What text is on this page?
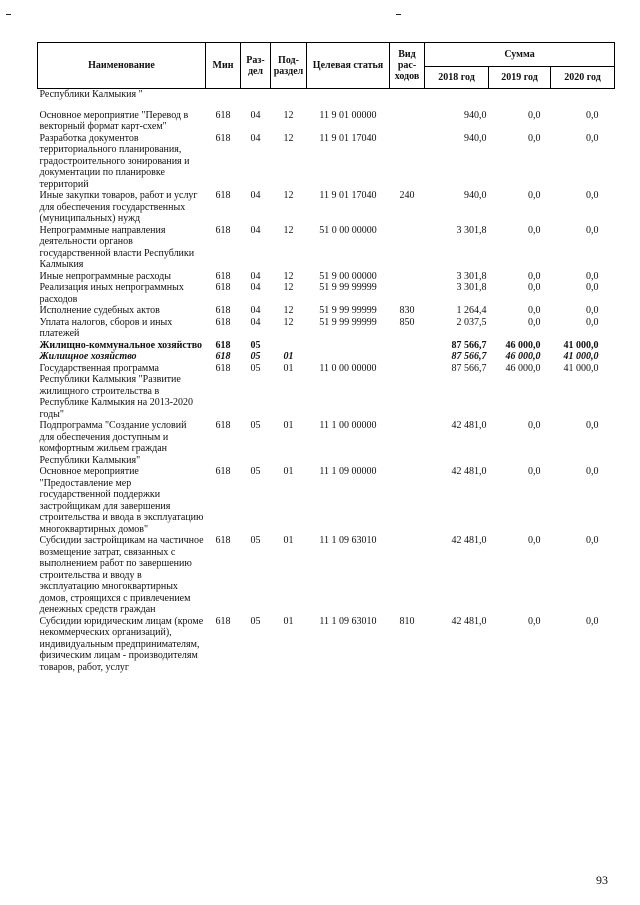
Наименование	Мин	Раз-дел	Под-раздел	Целевая статья	Вид рас-ходов	Сумма		
						2018 год	2019 год	2020 год
Республики Калмыкия "								

Основное мероприятие "Перевод в векторный формат карт-схем"	618	04	12	11 9 01 00000		940,0	0,0	0,0
Разработка документов территориального планирования, градостроительного зонирования и документации по планировке территорий	618	04	12	11 9 01 17040		940,0	0,0	0,0
Иные закупки товаров, работ и услуг для обеспечения государственных (муниципальных) нужд	618	04	12	11 9 01 17040	240	940,0	0,0	0,0
Непрограммные направления деятельности органов государственной власти Республики Калмыкия	618	04	12	51 0 00 00000		3 301,8	0,0	0,0
Иные непрограммные расходы	618	04	12	51 9 00 00000		3 301,8	0,0	0,0
Реализация иных непрограммных расходов	618	04	12	51 9 99 99999		3 301,8	0,0	0,0
Исполнение судебных актов	618	04	12	51 9 99 99999	830	1 264,4	0,0	0,0
Уплата налогов, сборов и иных платежей	618	04	12	51 9 99 99999	850	2 037,5	0,0	0,0
Жилищно-коммунальное хозяйство	618	05				87 566,7	46 000,0	41 000,0
Жилищное хозяйство	618	05	01			87 566,7	46 000,0	41 000,0
Государственная программа Республики Калмыкия "Развитие жилищного строительства в Республике Калмыкия на 2013-2020 годы"	618	05	01	11 0 00 00000		87 566,7	46 000,0	41 000,0
Подпрограмма "Создание условий для обеспечения доступным и комфортным жильем граждан Республики Калмыкия"	618	05	01	11 1 00 00000		42 481,0	0,0	0,0
Основное мероприятие "Предоставление мер государственной поддержки застройщикам для завершения строительства и ввода в эксплуатацию многоквартирных домов"	618	05	01	11 1 09 00000		42 481,0	0,0	0,0
Субсидии застройщикам на частичное возмещение затрат, связанных с выполнением работ по завершению строительства и вводу в эксплуатацию многоквартирных домов, строящихся с привлечением денежных средств граждан	618	05	01	11 1 09 63010		42 481,0	0,0	0,0
Субсидии юридическим лицам (кроме некоммерческих организаций), индивидуальным предпринимателям, физическим лицам - производителям товаров, работ, услуг	618	05	01	11 1 09 63010	810	42 481,0	0,0	0,0
93
